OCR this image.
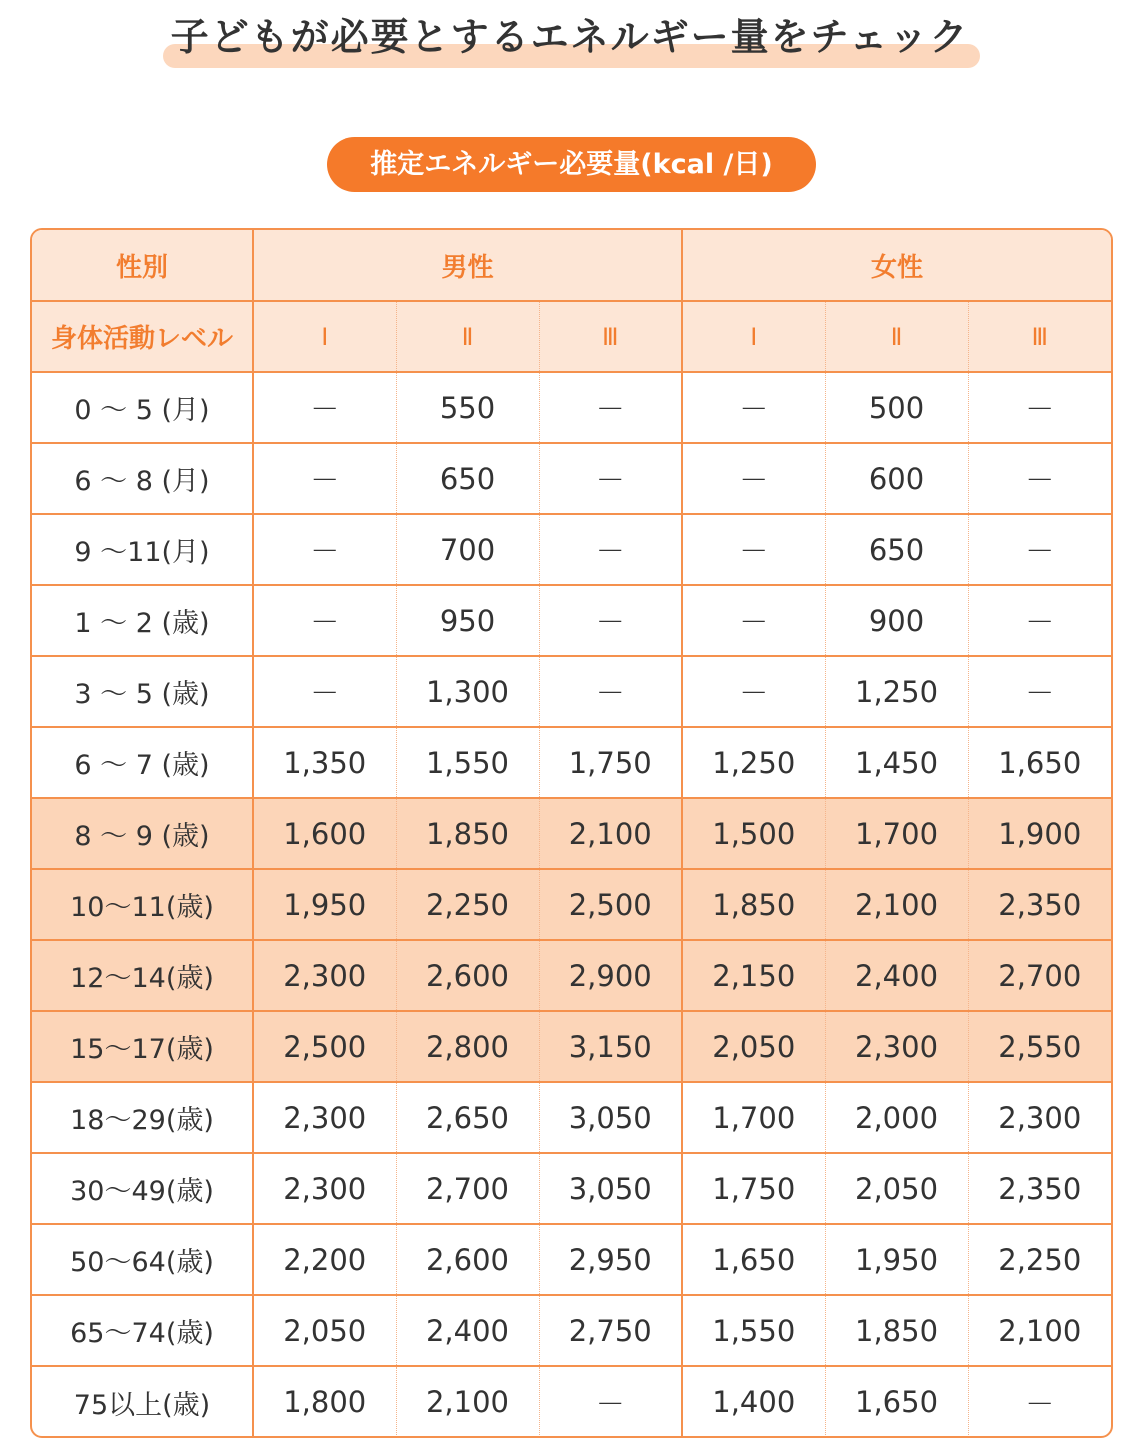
子どもが必要とするエネルギー量をチェック
推定エネルギー必要量(kcal /日)
性別	男性			女性		
身体活動レベル	Ⅰ	Ⅱ	Ⅲ	Ⅰ	Ⅱ	Ⅲ
0 〜 5 (月)	－	550	－	－	500	－
6 〜 8 (月)	－	650	－	－	600	－
9 〜11(月)	－	700	－	－	650	－
1 〜 2 (歳)	－	950	－	－	900	－
3 〜 5 (歳)	－	1,300	－	－	1,250	－
6 〜 7 (歳)	1,350	1,550	1,750	1,250	1,450	1,650
8 〜 9 (歳)	1,600	1,850	2,100	1,500	1,700	1,900
10〜11(歳)	1,950	2,250	2,500	1,850	2,100	2,350
12〜14(歳)	2,300	2,600	2,900	2,150	2,400	2,700
15〜17(歳)	2,500	2,800	3,150	2,050	2,300	2,550
18〜29(歳)	2,300	2,650	3,050	1,700	2,000	2,300
30〜49(歳)	2,300	2,700	3,050	1,750	2,050	2,350
50〜64(歳)	2,200	2,600	2,950	1,650	1,950	2,250
65〜74(歳)	2,050	2,400	2,750	1,550	1,850	2,100
75以上(歳)	1,800	2,100	－	1,400	1,650	－
